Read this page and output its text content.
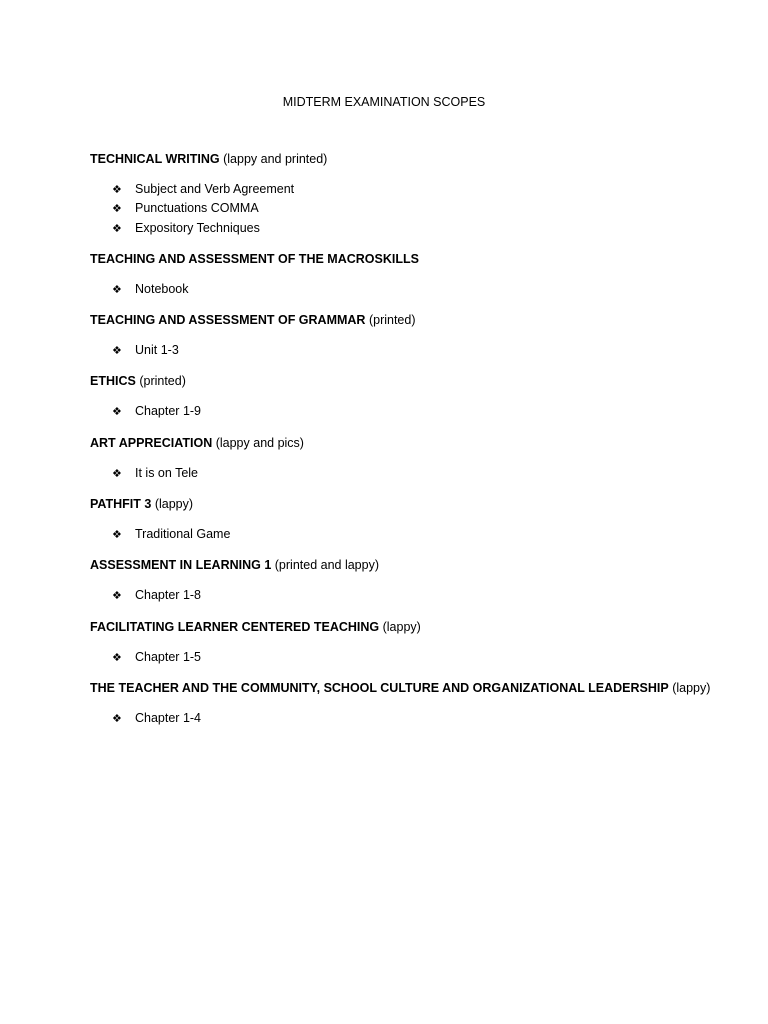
MIDTERM EXAMINATION SCOPES
TECHNICAL WRITING (lappy and printed)
❖ Subject and Verb Agreement
❖ Punctuations COMMA
❖ Expository Techniques
TEACHING AND ASSESSMENT OF THE MACROSKILLS
❖ Notebook
TEACHING AND ASSESSMENT OF GRAMMAR (printed)
❖ Unit 1-3
ETHICS (printed)
❖ Chapter 1-9
ART APPRECIATION (lappy and pics)
❖ It is on Tele
PATHFIT 3 (lappy)
❖ Traditional Game
ASSESSMENT IN LEARNING 1 (printed and lappy)
❖ Chapter 1-8
FACILITATING LEARNER CENTERED TEACHING (lappy)
❖ Chapter 1-5
THE TEACHER AND THE COMMUNITY, SCHOOL CULTURE AND ORGANIZATIONAL LEADERSHIP (lappy)
❖ Chapter 1-4
